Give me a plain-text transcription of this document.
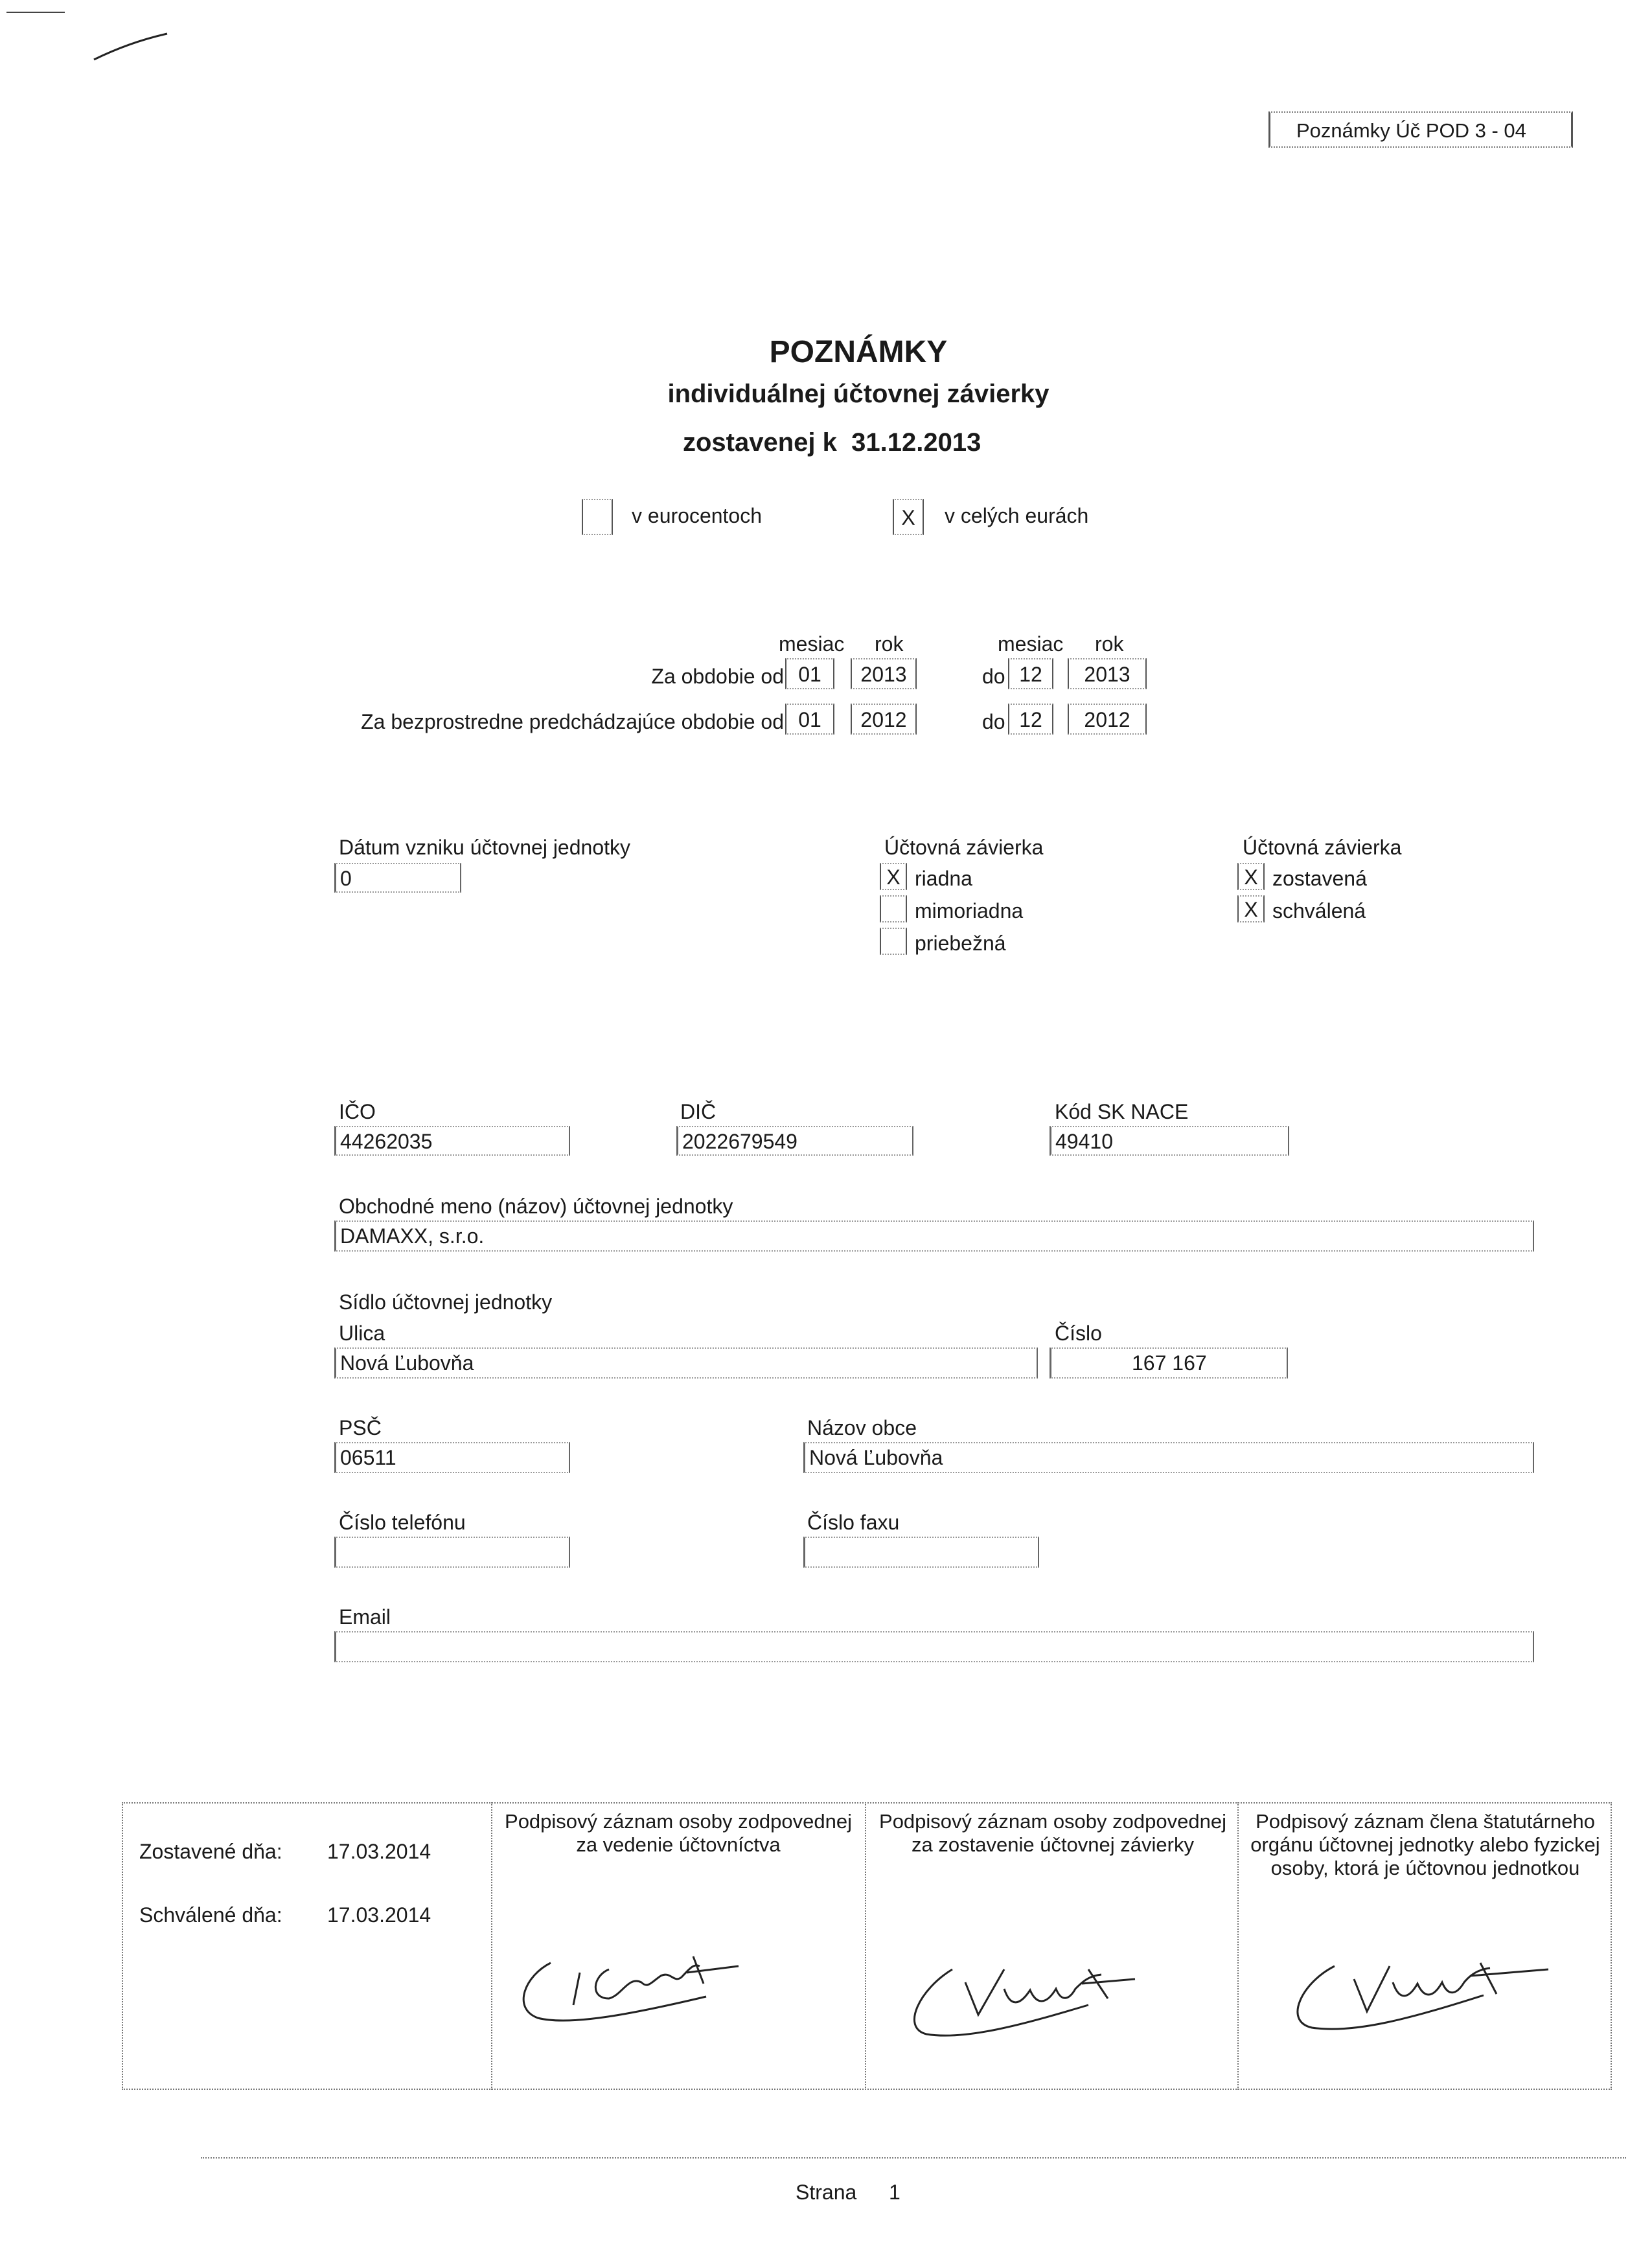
Poznámky Úč POD 3 - 04
POZNÁMKY
individuálnej účtovnej závierky
zostavenej k 31.12.2013
v eurocentoch	X	v celých eurách
mesiac rok	mesiac rok
Za obdobie od 01	2013	do 12	2013
Za bezprostredne predchádzajúce obdobie od 01	2012	do 12	2012
Dátum vzniku účtovnej jednotky
0
Účtovná závierka
X riadna
mimoriadna
priebežná
Účtovná závierka
X zostavená
X schválená
IČO
44262035
DIČ
2022679549
Kód SK NACE
49410
Obchodné meno (názov) účtovnej jednotky
DAMAXX, s.r.o.
Sídlo účtovnej jednotky
Ulica
Nová Ľubovňa
Číslo
167 167
PSČ
06511
Názov obce
Nová Ľubovňa
Číslo telefónu	Číslo faxu
Email
Zostavené dňa: 17.03.2014
Schválené dňa: 17.03.2014
Podpisový záznam osoby zodpovednej za vedenie účtovníctva
Podpisový záznam osoby zodpovednej za zostavenie účtovnej závierky
Podpisový záznam člena štatutárneho orgánu účtovnej jednotky alebo fyzickej osoby, ktorá je účtovnou jednotkou
Strana 1
